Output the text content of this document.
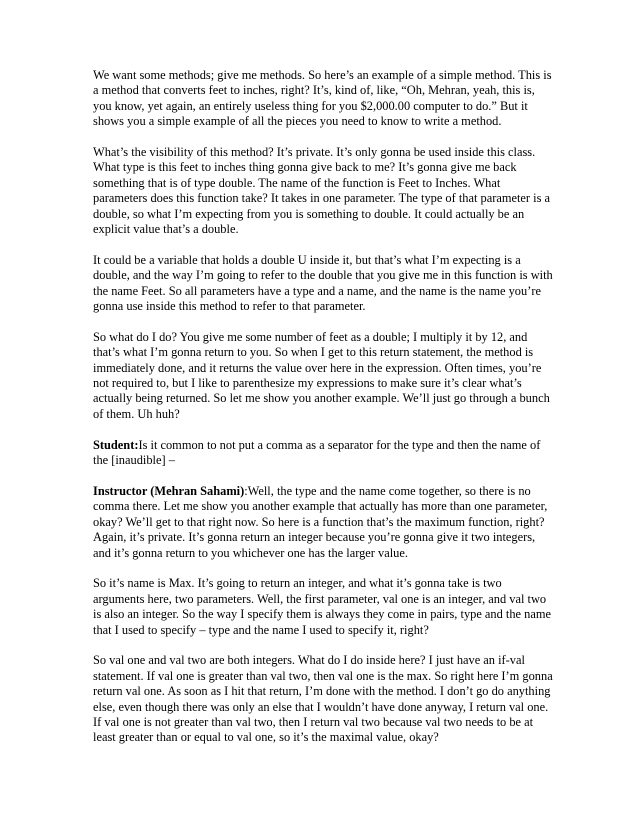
We want some methods; give me methods. So here’s an example of a simple method. This is a method that converts feet to inches, right? It’s, kind of, like, “Oh, Mehran, yeah, this is, you know, yet again, an entirely useless thing for you $2,000.00 computer to do.” But it shows you a simple example of all the pieces you need to know to write a method.

What’s the visibility of this method? It’s private. It’s only gonna be used inside this class. What type is this feet to inches thing gonna give back to me? It’s gonna give me back something that is of type double. The name of the function is Feet to Inches. What parameters does this function take? It takes in one parameter. The type of that parameter is a double, so what I’m expecting from you is something to double. It could actually be an explicit value that’s a double.

It could be a variable that holds a double U inside it, but that’s what I’m expecting is a double, and the way I’m going to refer to the double that you give me in this function is with the name Feet. So all parameters have a type and a name, and the name is the name you’re gonna use inside this method to refer to that parameter.

So what do I do? You give me some number of feet as a double; I multiply it by 12, and that’s what I’m gonna return to you. So when I get to this return statement, the method is immediately done, and it returns the value over here in the expression. Often times, you’re not required to, but I like to parenthesize my expressions to make sure it’s clear what’s actually being returned. So let me show you another example. We’ll just go through a bunch of them. Uh huh?

Student:Is it common to not put a comma as a separator for the type and then the name of the [inaudible] –

Instructor (Mehran Sahami):Well, the type and the name come together, so there is no comma there. Let me show you another example that actually has more than one parameter, okay? We’ll get to that right now. So here is a function that’s the maximum function, right? Again, it’s private. It’s gonna return an integer because you’re gonna give it two integers, and it’s gonna return to you whichever one has the larger value.

So it’s name is Max. It’s going to return an integer, and what it’s gonna take is two arguments here, two parameters. Well, the first parameter, val one is an integer, and val two is also an integer. So the way I specify them is always they come in pairs, type and the name that I used to specify – type and the name I used to specify it, right?

So val one and val two are both integers. What do I do inside here? I just have an if-val statement. If val one is greater than val two, then val one is the max. So right here I’m gonna return val one. As soon as I hit that return, I’m done with the method. I don’t go do anything else, even though there was only an else that I wouldn’t have done anyway, I return val one. If val one is not greater than val two, then I return val two because val two needs to be at least greater than or equal to val one, so it’s the maximal value, okay?
